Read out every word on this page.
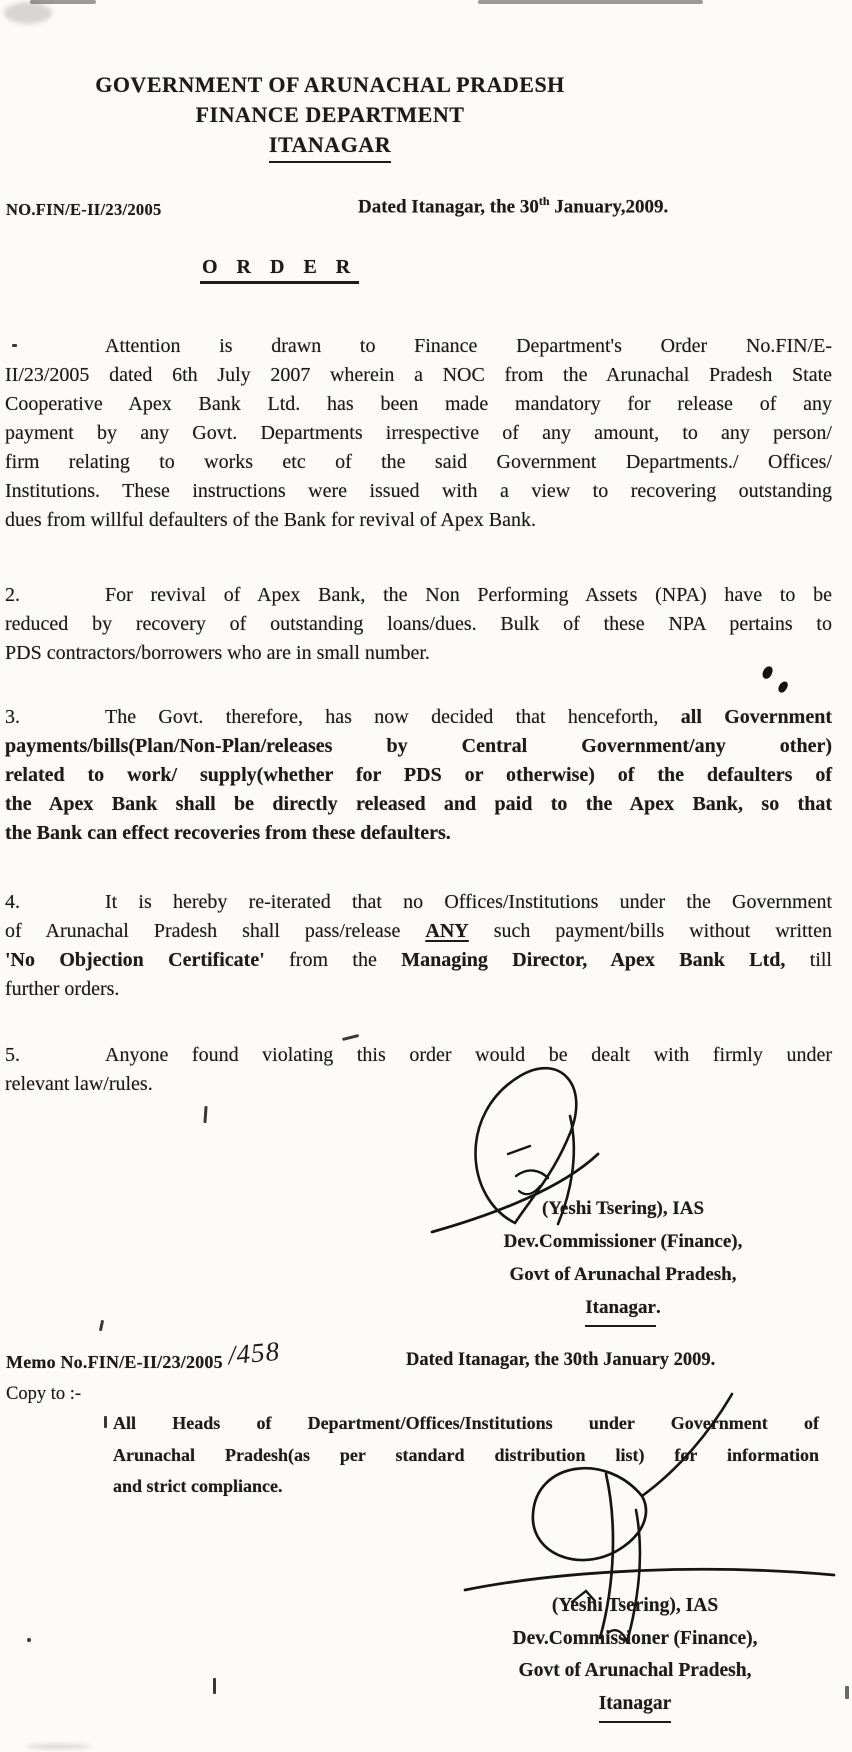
GOVERNMENT OF ARUNACHAL PRADESH
FINANCE DEPARTMENT
ITANAGAR
NO.FIN/E-II/23/2005	Dated Itanagar, the 30th January,2009.
O R D E R
Attention is drawn to Finance Department's Order No.FIN/E-
II/23/2005 dated 6th July 2007 wherein a NOC from the Arunachal Pradesh State
Cooperative Apex Bank Ltd. has been made mandatory for release of any
payment by any Govt. Departments irrespective of any amount, to any person/
firm relating to works etc of the said Government Departments./ Offices/
Institutions. These instructions were issued with a view to recovering outstanding
dues from willful defaulters of the Bank for revival of Apex Bank.
2.	For revival of Apex Bank, the Non Performing Assets (NPA) have to be
reduced by recovery of outstanding loans/dues. Bulk of these NPA pertains to
PDS contractors/borrowers who are in small number.
3.	The Govt. therefore, has now decided that henceforth, all Government
payments/bills(Plan/Non-Plan/releases by Central Government/any other)
related to work/ supply(whether for PDS or otherwise) of the defaulters of
the Apex Bank shall be directly released and paid to the Apex Bank, so that
the Bank can effect recoveries from these defaulters.
4.	It is hereby re-iterated that no Offices/Institutions under the Government
of Arunachal Pradesh shall pass/release ANY such payment/bills without written
'No Objection Certificate' from the Managing Director, Apex Bank Ltd, till
further orders.
5.	Anyone found violating this order would be dealt with firmly under
relevant law/rules.
(Yeshi Tsering), IAS
Dev.Commissioner (Finance),
Govt of Arunachal Pradesh,
Itanagar.
Memo No.FIN/E-II/23/2005 /458	Dated Itanagar, the 30th January 2009.
Copy to :-
All Heads of Department/Offices/Institutions under Government of
Arunachal Pradesh(as per standard distribution list) for information
and strict compliance.
(Yeshi Tsering), IAS
Dev.Commissioner (Finance),
Govt of Arunachal Pradesh,
Itanagar
